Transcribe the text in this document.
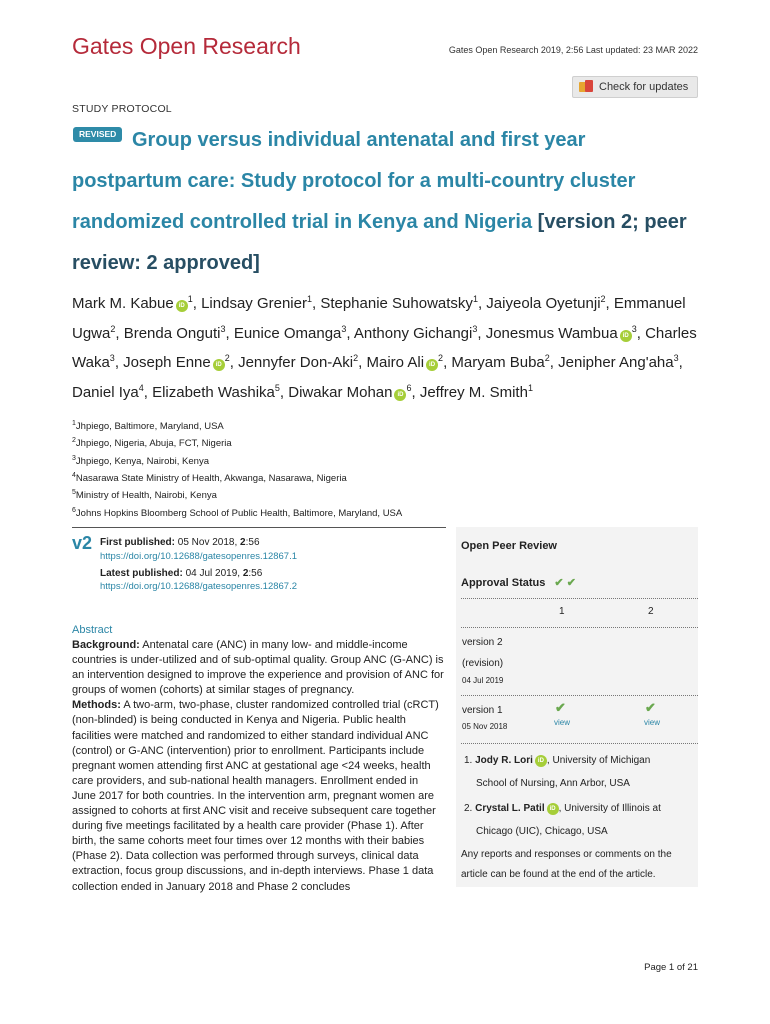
Gates Open Research	Gates Open Research 2019, 2:56 Last updated: 23 MAR 2022
Check for updates
STUDY PROTOCOL
Group versus individual antenatal and first year postpartum care: Study protocol for a multi-country cluster randomized controlled trial in Kenya and Nigeria [version 2; peer review: 2 approved]
REVISED
Mark M. Kabue $iD^1$, Lindsay Grenier$^1$, Stephanie Suhowatsky$^1$, Jaiyeola Oyetunji$^2$, Emmanuel Ugwa$^2$, Brenda Onguti$^3$, Eunice Omanga$^3$, Anthony Gichangi$^3$, Jonesmus Wambua $iD^3$, Charles Waka$^3$, Joseph Enne $iD^2$, Jennyfer Don-Aki$^2$, Mairo Ali $iD^2$, Maryam Buba$^2$, Jenipher Ang'aha$^3$, Daniel Iya$^4$, Elizabeth Washika$^5$, Diwakar Mohan $iD^6$, Jeffrey M. Smith$^1$
$^1$Jhpiego, Baltimore, Maryland, USA
$^2$Jhpiego, Nigeria, Abuja, FCT, Nigeria
$^3$Jhpiego, Kenya, Nairobi, Kenya
$^4$Nasarawa State Ministry of Health, Akwanga, Nasarawa, Nigeria
$^5$Ministry of Health, Nairobi, Kenya
$^6$Johns Hopkins Bloomberg School of Public Health, Baltimore, Maryland, USA
v2 First published: 05 Nov 2018, 2:56
https://doi.org/10.12688/gatesopenres.12867.1
Latest published: 04 Jul 2019, 2:56
https://doi.org/10.12688/gatesopenres.12867.2
Abstract
Background: Antenatal care (ANC) in many low- and middle-income countries is under-utilized and of sub-optimal quality. Group ANC (G-ANC) is an intervention designed to improve the experience and provision of ANC for groups of women (cohorts) at similar stages of pregnancy.
Methods: A two-arm, two-phase, cluster randomized controlled trial (cRCT) (non-blinded) is being conducted in Kenya and Nigeria. Public health facilities were matched and randomized to either standard individual ANC (control) or G-ANC (intervention) prior to enrollment. Participants include pregnant women attending first ANC at gestational age <24 weeks, health care providers, and sub-national health managers. Enrollment ended in June 2017 for both countries. In the intervention arm, pregnant women are assigned to cohorts at first ANC visit and receive subsequent care together during five meetings facilitated by a health care provider (Phase 1). After birth, the same cohorts meet four times over 12 months with their babies (Phase 2). Data collection was performed through surveys, clinical data extraction, focus group discussions, and in-depth interviews. Phase 1 data collection ended in January 2018 and Phase 2 concludes
Open Peer Review
Approval Status ✔ ✔
1	2
version 2
(revision)
04 Jul 2019
version 1
05 Nov 2018
✔
view
✔
view
1. Jody R. Lori iD , University of Michigan
School of Nursing, Ann Arbor, USA
2. Crystal L. Patil iD , University of Illinois at
Chicago (UIC), Chicago, USA
Any reports and responses or comments on the article can be found at the end of the article.
Page 1 of 21
